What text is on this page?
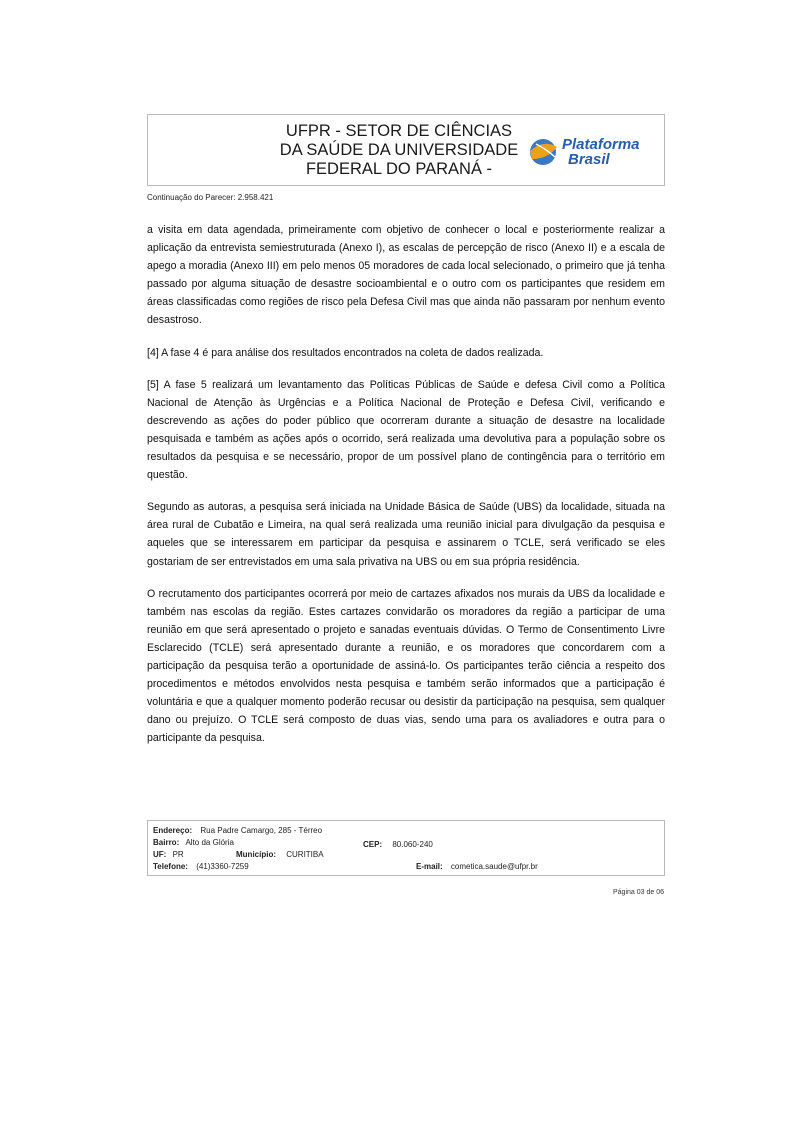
UFPR - SETOR DE CIÊNCIAS
DA SAÚDE DA UNIVERSIDADE
FEDERAL DO PARANÁ -
Plataforma
Brasil
Continuação do Parecer: 2.958.421

a visita em data agendada, primeiramente com objetivo de conhecer o local e posteriormente realizar a aplicação da entrevista semiestruturada (Anexo I), as escalas de percepção de risco (Anexo II) e a escala de apego a moradia (Anexo III) em pelo menos 05 moradores de cada local selecionado, o primeiro que já tenha passado por alguma situação de desastre socioambiental e o outro com os participantes que residem em áreas classificadas como regiões de risco pela Defesa Civil mas que ainda não passaram por nenhum evento desastroso.

[4] A fase 4 é para análise dos resultados encontrados na coleta de dados realizada.

[5] A fase 5 realizará um levantamento das Políticas Públicas de Saúde e defesa Civil como a Política Nacional de Atenção às Urgências e a Política Nacional de Proteção e Defesa Civil, verificando e descrevendo as ações do poder público que ocorreram durante a situação de desastre na localidade pesquisada e também as ações após o ocorrido, será realizada uma devolutiva para a população sobre os resultados da pesquisa e se necessário, propor de um possível plano de contingência para o território em questão.

Segundo as autoras, a pesquisa será iniciada na Unidade Básica de Saúde (UBS) da localidade, situada na área rural de Cubatão e Limeira, na qual será realizada uma reunião inicial para divulgação da pesquisa e aqueles que se interessarem em participar da pesquisa e assinarem o TCLE, será verificado se eles gostariam de ser entrevistados em uma sala privativa na UBS ou em sua própria residência.

O recrutamento dos participantes ocorrerá por meio de cartazes afixados nos murais da UBS da localidade e também nas escolas da região. Estes cartazes convidarão os moradores da região a participar de uma reunião em que será apresentado o projeto e sanadas eventuais dúvidas. O Termo de Consentimento Livre Esclarecido (TCLE) será apresentado durante a reunião, e os moradores que concordarem com a participação da pesquisa terão a oportunidade de assiná-lo. Os participantes terão ciência a respeito dos procedimentos e métodos envolvidos nesta pesquisa e também serão informados que a participação é voluntária e que a qualquer momento poderão recusar ou desistir da participação na pesquisa, sem qualquer dano ou prejuízo. O TCLE será composto de duas vias, sendo uma para os avaliadores e outra para o participante da pesquisa.

Endereço: Rua Padre Camargo, 285 - Térreo
Bairro: Alto da Glória	CEP: 80.060-240
UF: PR	Município: CURITIBA
Telefone: (41)3360-7259	E-mail: cometica.saude@ufpr.br
Página 03 de 06
